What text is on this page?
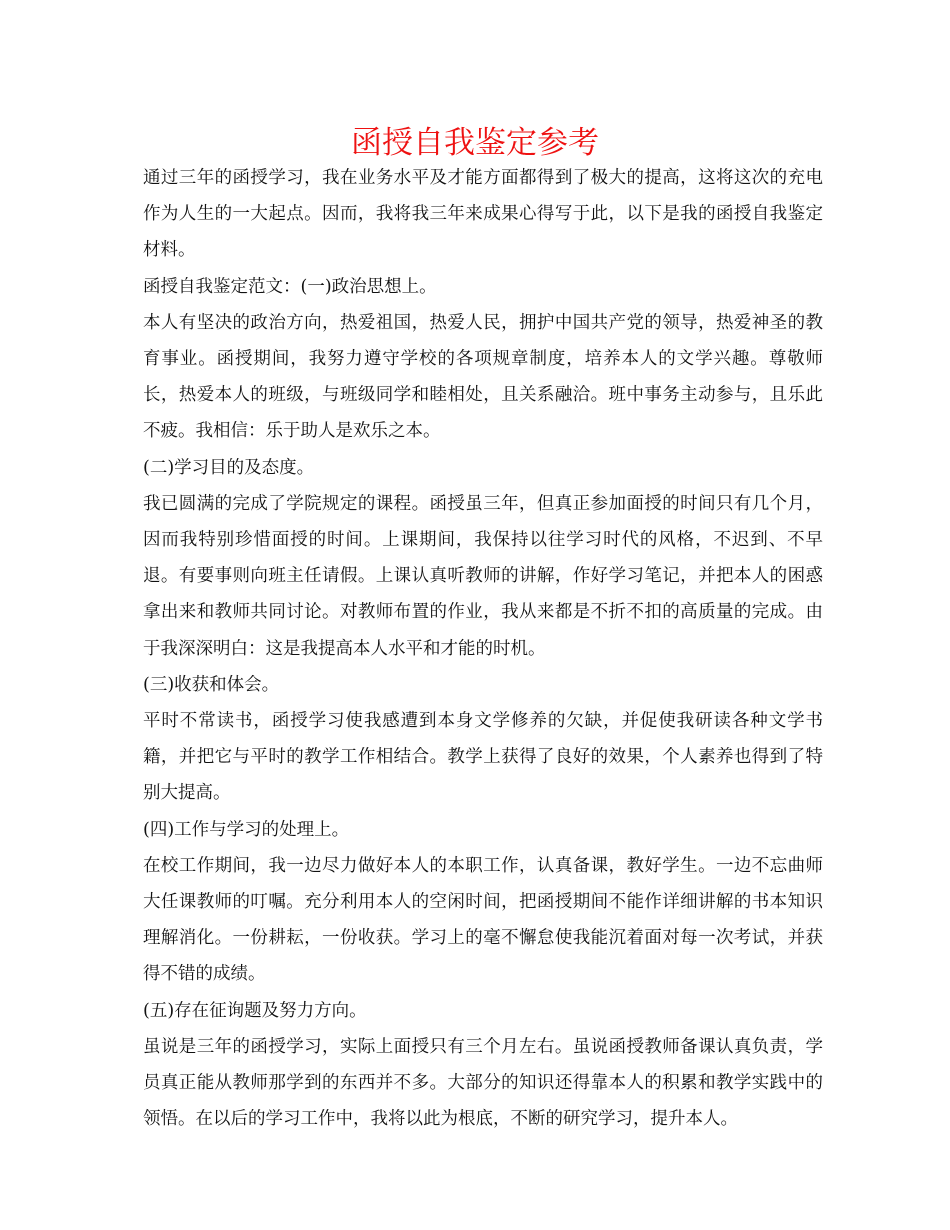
函授自我鉴定参考

通过三年的函授学习，我在业务水平及才能方面都得到了极大的提高，这将这次的充电作为人生的一大起点。因而，我将我三年来成果心得写于此，以下是我的函授自我鉴定材料。

函授自我鉴定范文：(一)政治思想上。

本人有坚决的政治方向，热爱祖国，热爱人民，拥护中国共产党的领导，热爱神圣的教育事业。函授期间，我努力遵守学校的各项规章制度，培养本人的文学兴趣。尊敬师长，热爱本人的班级，与班级同学和睦相处，且关系融洽。班中事务主动参与，且乐此不疲。我相信：乐于助人是欢乐之本。

(二)学习目的及态度。

我已圆满的完成了学院规定的课程。函授虽三年，但真正参加面授的时间只有几个月，因而我特别珍惜面授的时间。上课期间，我保持以往学习时代的风格，不迟到、不早退。有要事则向班主任请假。上课认真听教师的讲解，作好学习笔记，并把本人的困惑拿出来和教师共同讨论。对教师布置的作业，我从来都是不折不扣的高质量的完成。由于我深深明白：这是我提高本人水平和才能的时机。

(三)收获和体会。

平时不常读书，函授学习使我感遭到本身文学修养的欠缺，并促使我研读各种文学书籍，并把它与平时的教学工作相结合。教学上获得了良好的效果，个人素养也得到了特别大提高。

(四)工作与学习的处理上。

在校工作期间，我一边尽力做好本人的本职工作，认真备课，教好学生。一边不忘曲师大任课教师的叮嘱。充分利用本人的空闲时间，把函授期间不能作详细讲解的书本知识理解消化。一份耕耘，一份收获。学习上的毫不懈怠使我能沉着面对每一次考试，并获得不错的成绩。

(五)存在征询题及努力方向。

虽说是三年的函授学习，实际上面授只有三个月左右。虽说函授教师备课认真负责，学员真正能从教师那学到的东西并不多。大部分的知识还得靠本人的积累和教学实践中的领悟。在以后的学习工作中，我将以此为根底，不断的研究学习，提升本人。
